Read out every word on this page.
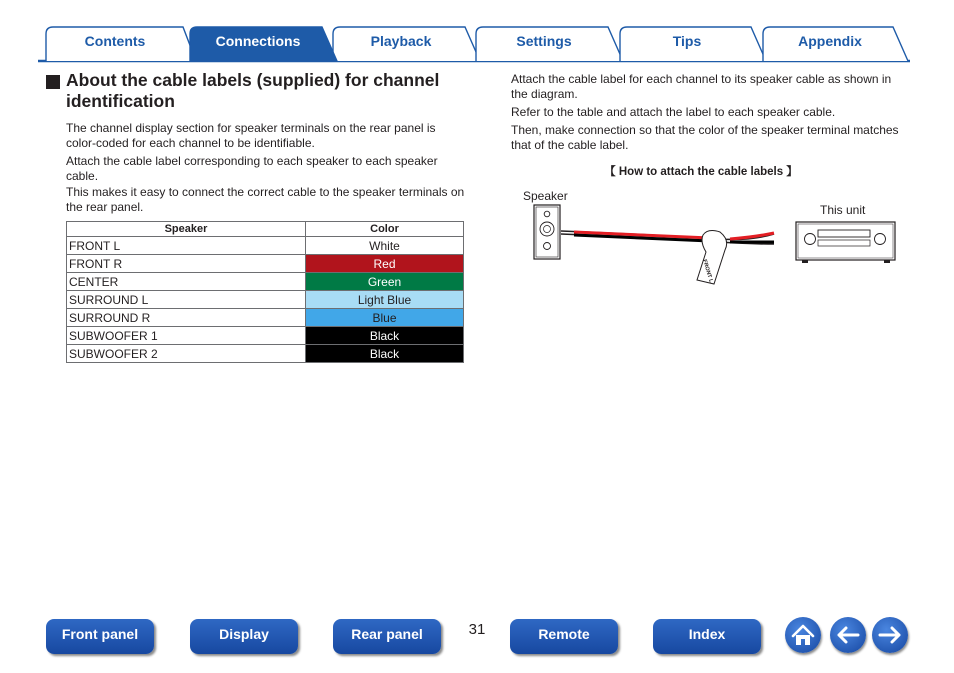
Contents	Connections	Playback	Settings	Tips	Appendix
About the cable labels (supplied) for channel identification
The channel display section for speaker terminals on the rear panel is color-coded for each channel to be identifiable.
Attach the cable label corresponding to each speaker to each speaker cable.
This makes it easy to connect the correct cable to the speaker terminals on the rear panel.
Speaker	Color
FRONT L	White
FRONT R	Red
CENTER	Green
SURROUND L	Light Blue
SURROUND R	Blue
SUBWOOFER 1	Black
SUBWOOFER 2	Black
Attach the cable label for each channel to its speaker cable as shown in the diagram.
Refer to the table and attach the label to each speaker cable.
Then, make connection so that the color of the speaker terminal matches that of the cable label.
【 How to attach the cable labels 】
Speaker
This unit
FRONT L
Front panel	Display	Rear panel	31	Remote	Index
